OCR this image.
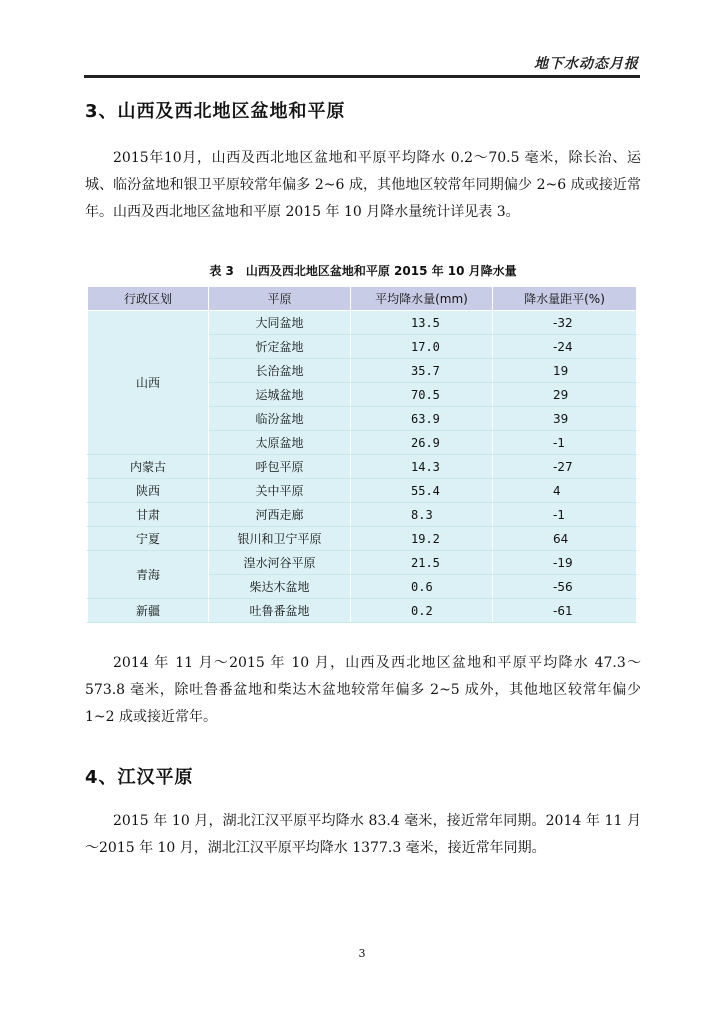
地下水动态月报
3、山西及西北地区盆地和平原

2015年10月，山西及西北地区盆地和平原平均降水 0.2～70.5 毫米，除长治、运城、临汾盆地和银卫平原较常年偏多 2~6 成，其他地区较常年同期偏少 2~6 成或接近常年。山西及西北地区盆地和平原 2015 年 10 月降水量统计详见表 3。

表 3　山西及西北地区盆地和平原 2015 年 10 月降水量
行政区划	平原	平均降水量(mm)	降水量距平(%)
山西	大同盆地	13.5	-32
	忻定盆地	17.0	-24
	长治盆地	35.7	19
	运城盆地	70.5	29
	临汾盆地	63.9	39
	太原盆地	26.9	-1
内蒙古	呼包平原	14.3	-27
陕西	关中平原	55.4	4
甘肃	河西走廊	8.3	-1
宁夏	银川和卫宁平原	19.2	64
青海	湟水河谷平原	21.5	-19
	柴达木盆地	0.6	-56
新疆	吐鲁番盆地	0.2	-61

2014 年 11 月～2015 年 10 月，山西及西北地区盆地和平原平均降水 47.3～573.8 毫米，除吐鲁番盆地和柴达木盆地较常年偏多 2~5 成外，其他地区较常年偏少 1~2 成或接近常年。

4、江汉平原

2015 年 10 月，湖北江汉平原平均降水 83.4 毫米，接近常年同期。2014 年 11 月～2015 年 10 月，湖北江汉平原平均降水 1377.3 毫米，接近常年同期。

3
